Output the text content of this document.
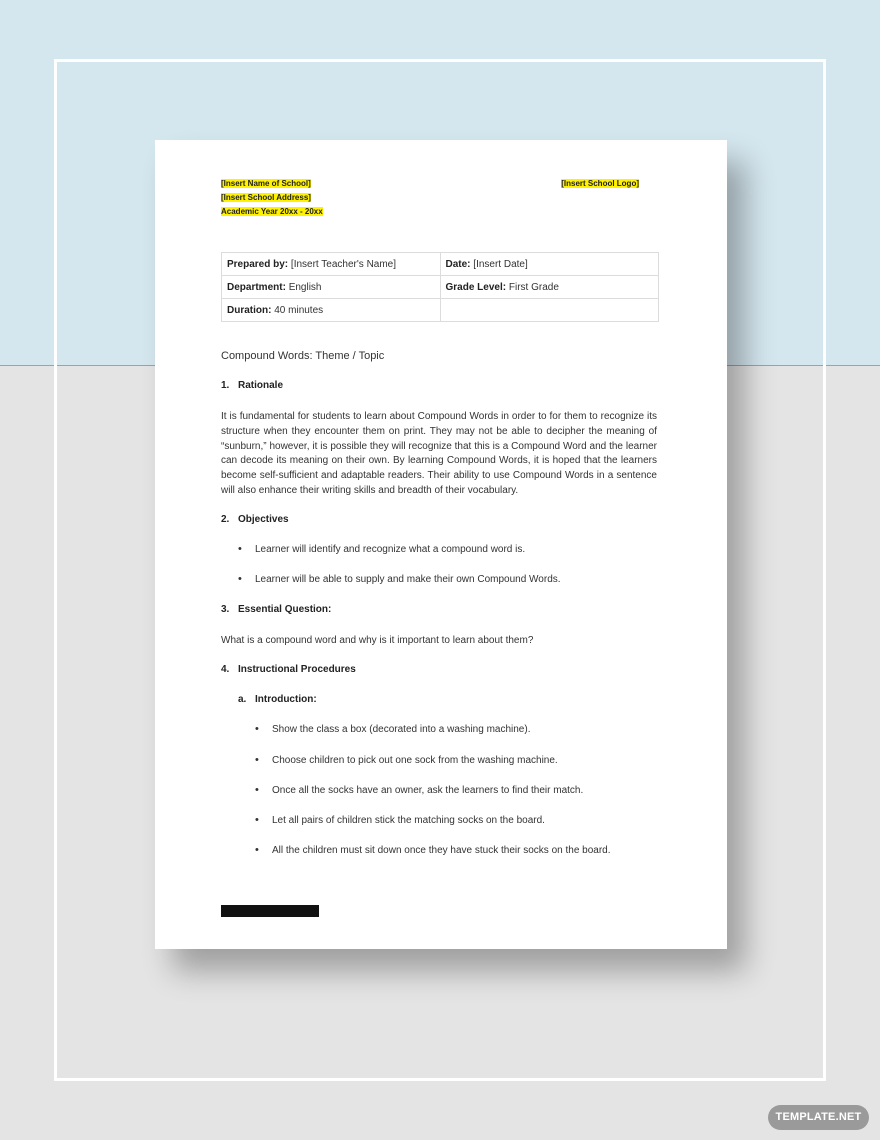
[Insert Name of School]
[Insert School Address]
Academic Year 20xx - 20xx
[Insert School Logo]
Prepared by: [Insert Teacher's Name]	Date: [Insert Date]
Department: English	Grade Level: First Grade
Duration: 40 minutes	
Compound Words: Theme / Topic
1. Rationale
It is fundamental for students to learn about Compound Words in order to for them to recognize its structure when they encounter them on print. They may not be able to decipher the meaning of “sunburn,” however, it is possible they will recognize that this is a Compound Word and the learner can decode its meaning on their own. By learning Compound Words, it is hoped that the learners become self-sufficient and adaptable readers. Their ability to use Compound Words in a sentence will also enhance their writing skills and breadth of their vocabulary.
2. Objectives
• Learner will identify and recognize what a compound word is.
• Learner will be able to supply and make their own Compound Words.
3. Essential Question:
What is a compound word and why is it important to learn about them?
4. Instructional Procedures
a. Introduction:
• Show the class a box (decorated into a washing machine).
• Choose children to pick out one sock from the washing machine.
• Once all the socks have an owner, ask the learners to find their match.
• Let all pairs of children stick the matching socks on the board.
• All the children must sit down once they have stuck their socks on the board.
TEMPLATE.NET
